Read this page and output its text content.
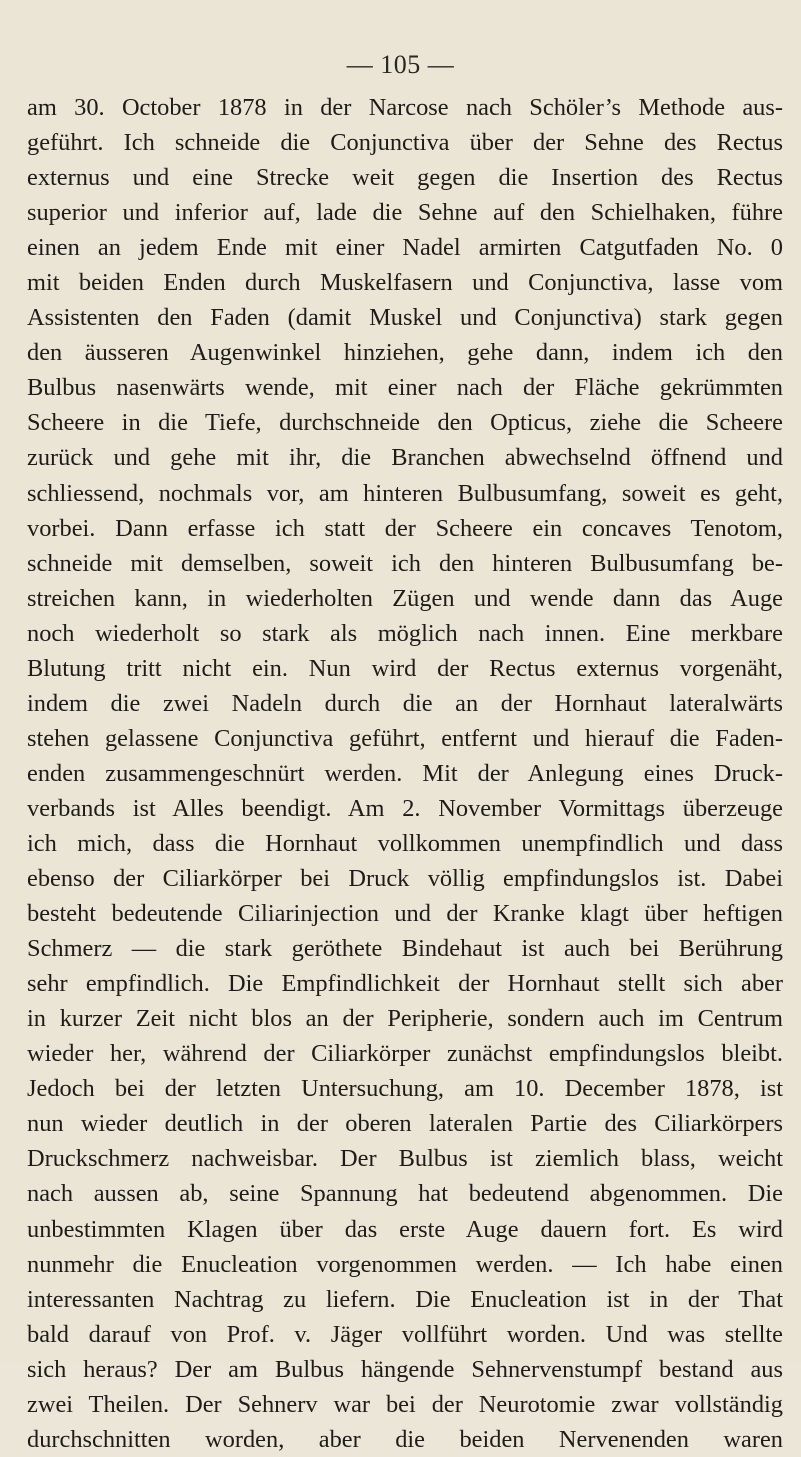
— 105 —
am 30. October 1878 in der Narcose nach Schöler’s Methode aus-
geführt. Ich schneide die Conjunctiva über der Sehne des Rectus
externus und eine Strecke weit gegen die Insertion des Rectus
superior und inferior auf, lade die Sehne auf den Schielhaken, führe
einen an jedem Ende mit einer Nadel armirten Catgutfaden No. 0
mit beiden Enden durch Muskelfasern und Conjunctiva, lasse vom
Assistenten den Faden (damit Muskel und Conjunctiva) stark gegen
den äusseren Augenwinkel hinziehen, gehe dann, indem ich den
Bulbus nasenwärts wende, mit einer nach der Fläche gekrümmten
Scheere in die Tiefe, durchschneide den Opticus, ziehe die Scheere
zurück und gehe mit ihr, die Branchen abwechselnd öffnend und
schliessend, nochmals vor, am hinteren Bulbusumfang, soweit es geht,
vorbei. Dann erfasse ich statt der Scheere ein concaves Tenotom,
schneide mit demselben, soweit ich den hinteren Bulbusumfang be-
streichen kann, in wiederholten Zügen und wende dann das Auge
noch wiederholt so stark als möglich nach innen. Eine merkbare
Blutung tritt nicht ein. Nun wird der Rectus externus vorgenäht,
indem die zwei Nadeln durch die an der Hornhaut lateralwärts
stehen gelassene Conjunctiva geführt, entfernt und hierauf die Faden-
enden zusammengeschnürt werden. Mit der Anlegung eines Druck-
verbands ist Alles beendigt. Am 2. November Vormittags überzeuge
ich mich, dass die Hornhaut vollkommen unempfindlich und dass
ebenso der Ciliarkörper bei Druck völlig empfindungslos ist. Dabei
besteht bedeutende Ciliarinjection und der Kranke klagt über heftigen
Schmerz — die stark geröthete Bindehaut ist auch bei Berührung
sehr empfindlich. Die Empfindlichkeit der Hornhaut stellt sich aber
in kurzer Zeit nicht blos an der Peripherie, sondern auch im Centrum
wieder her, während der Ciliarkörper zunächst empfindungslos bleibt.
Jedoch bei der letzten Untersuchung, am 10. December 1878, ist
nun wieder deutlich in der oberen lateralen Partie des Ciliarkörpers
Druckschmerz nachweisbar. Der Bulbus ist ziemlich blass, weicht
nach aussen ab, seine Spannung hat bedeutend abgenommen. Die
unbestimmten Klagen über das erste Auge dauern fort. Es wird
nunmehr die Enucleation vorgenommen werden. — Ich habe einen
interessanten Nachtrag zu liefern. Die Enucleation ist in der That
bald darauf von Prof. v. Jäger vollführt worden. Und was stellte
sich heraus? Der am Bulbus hängende Sehnervenstumpf bestand aus
zwei Theilen. Der Sehnerv war bei der Neurotomie zwar vollständig
durchschnitten worden, aber die beiden Nervenenden waren
